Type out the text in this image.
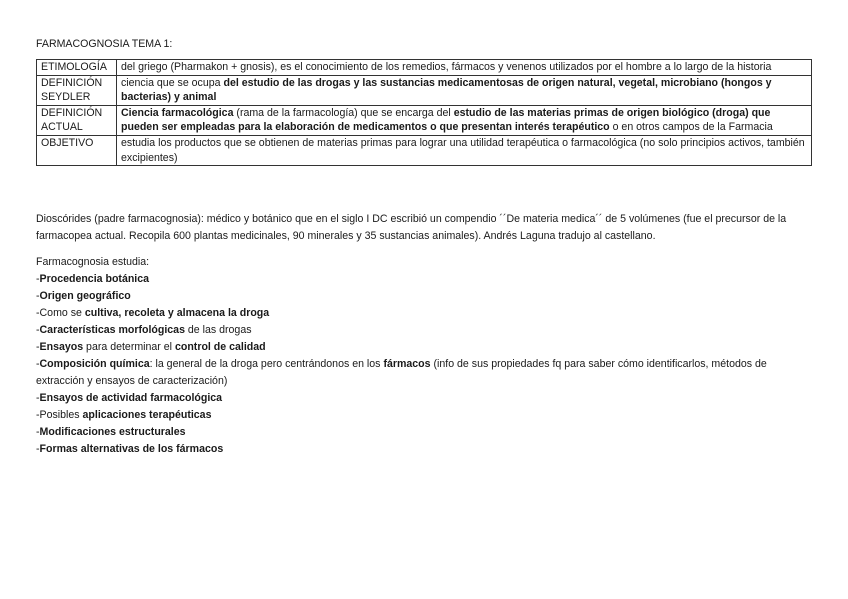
FARMACOGNOSIA TEMA 1:
ETIMOLOGÍA	del griego (Pharmakon + gnosis), es el conocimiento de los remedios, fármacos y venenos utilizados por el hombre a lo largo de la historia
DEFINICIÓN SEYDLER	ciencia que se ocupa del estudio de las drogas y las sustancias medicamentosas de origen natural, vegetal, microbiano (hongos y bacterias) y animal
DEFINICIÓN ACTUAL	Ciencia farmacológica (rama de la farmacología) que se encarga del estudio de las materias primas de origen biológico (droga) que pueden ser empleadas para la elaboración de medicamentos o que presentan interés terapéutico o en otros campos de la Farmacia
OBJETIVO	estudia los productos que se obtienen de materias primas para lograr una utilidad terapéutica o farmacológica (no solo principios activos, también excipientes)
Dioscórides (padre farmacognosia): médico y botánico que en el siglo I DC escribió un compendio ´´De materia medica´´ de 5 volúmenes (fue el precursor de la farmacopea actual. Recopila 600 plantas medicinales, 90 minerales y 35 sustancias animales). Andrés Laguna tradujo al castellano.
Farmacognosia estudia:
-Procedencia botánica
-Origen geográfico
-Como se cultiva, recoleta y almacena la droga
-Características morfológicas de las drogas
-Ensayos para determinar el control de calidad
-Composición química: la general de la droga pero centrándonos en los fármacos (info de sus propiedades fq para saber cómo identificarlos, métodos de extracción y ensayos de caracterización)
-Ensayos de actividad farmacológica
-Posibles aplicaciones terapéuticas
-Modificaciones estructurales
-Formas alternativas de los fármacos
